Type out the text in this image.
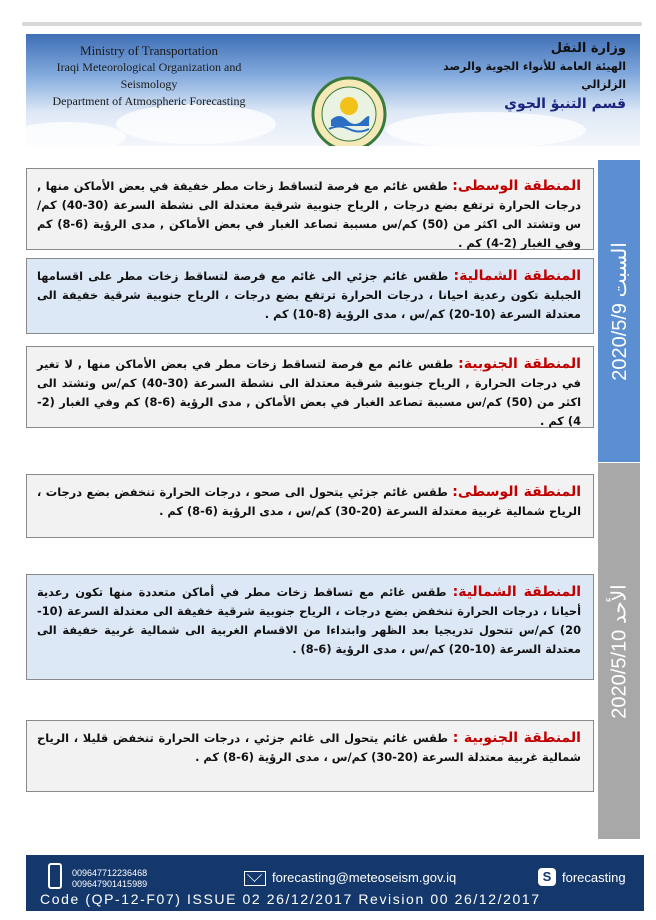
Ministry of Transportation
Iraqi Meteorological Organization and Seismology
Department of Atmospheric Forecasting
وزارة النقل
الهيئة العامة للأنواء الجوية والرصد الزلزالي
قسم التنبؤ الجوي
السبت 2020/5/9
المنطقة الوسطى: طقس غائم مع فرصة لتساقط زخات مطر خفيفة في بعض الأماكن منها , درجات الحرارة ترتفع بضع درجات , الرياح جنوبية شرقية معتدلة الى نشطة السرعة (30-40) كم/س وتشتد الى اكثر من (50) كم/س مسببة تصاعد الغبار في بعض الأماكن , مدى الرؤية (6-8) كم وفي الغبار (2-4) كم .
المنطقة الشمالية: طقس غائم جزئي الى غائم مع فرصة لتساقط زخات مطر على اقسامها الجبلية تكون رعدية احيانا ، درجات الحرارة ترتفع بضع درجات ، الرياح جنوبية شرقية خفيفة الى معتدلة السرعة (10-20) كم/س ، مدى الرؤية (8-10) كم .
المنطقة الجنوبية: طقس غائم مع فرصة لتساقط زخات مطر في بعض الأماكن منها , لا تغير في درجات الحرارة , الرياح جنوبية شرقية معتدلة الى نشطة السرعة (30-40) كم/س وتشتد الى اكثر من (50) كم/س مسببة تصاعد الغبار في بعض الأماكن , مدى الرؤية (6-8) كم وفي الغبار (2-4) كم .
الأحد 2020/5/10
المنطقة الوسطى: طقس غائم جزئي يتحول الى صحو ، درجات الحرارة تنخفض بضع درجات ، الرياح شمالية غربية معتدلة السرعة (20-30) كم/س ، مدى الرؤية (6-8) كم .
المنطقة الشمالية: طقس غائم مع تساقط زخات مطر في أماكن متعددة منها تكون رعدية أحيانا ، درجات الحرارة تنخفض بضع درجات ، الرياح جنوبية شرقية خفيفة الى معتدلة السرعة (10-20) كم/س تتحول تدريجيا بعد الظهر وابتداءا من الاقسام الغربية الى شمالية غربية خفيفة الى معتدلة السرعة (10-20) كم/س ، مدى الرؤية (6-8) .
المنطقة الجنوبية : طقس غائم يتحول الى غائم جزئي ، درجات الحرارة تنخفض قليلا ، الرياح شمالية غربية معتدلة السرعة (20-30) كم/س ، مدى الرؤية (6-8) كم .
009647712236468
009647901415989	forecasting@meteoseism.gov.iq	S forecasting
Code (QP-12-F07) ISSUE 02 26/12/2017 Revision 00 26/12/2017
